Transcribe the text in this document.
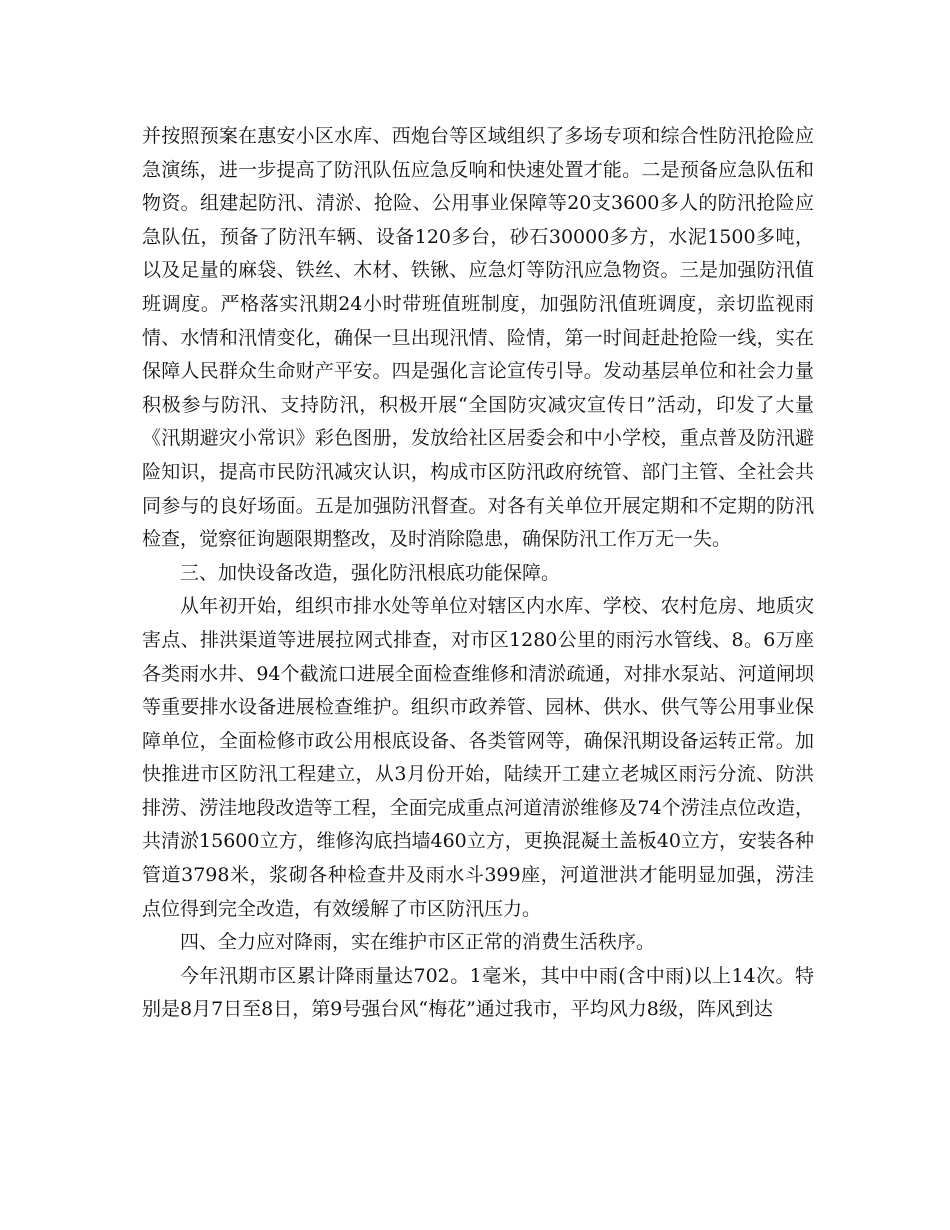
并按照预案在惠安小区水库、西炮台等区域组织了多场专项和综合性防汛抢险应急演练，进一步提高了防汛队伍应急反响和快速处置才能。二是预备应急队伍和物资。组建起防汛、清淤、抢险、公用事业保障等20支3600多人的防汛抢险应急队伍，预备了防汛车辆、设备120多台，砂石30000多方，水泥1500多吨，以及足量的麻袋、铁丝、木材、铁锹、应急灯等防汛应急物资。三是加强防汛值班调度。严格落实汛期24小时带班值班制度，加强防汛值班调度，亲切监视雨情、水情和汛情变化，确保一旦出现汛情、险情，第一时间赶赴抢险一线，实在保障人民群众生命财产平安。四是强化言论宣传引导。发动基层单位和社会力量积极参与防汛、支持防汛，积极开展“全国防灾减灾宣传日”活动，印发了大量《汛期避灾小常识》彩色图册，发放给社区居委会和中小学校，重点普及防汛避险知识，提高市民防汛减灾认识，构成市区防汛政府统管、部门主管、全社会共同参与的良好场面。五是加强防汛督查。对各有关单位开展定期和不定期的防汛检查，觉察征询题限期整改，及时消除隐患，确保防汛工作万无一失。

三、加快设备改造，强化防汛根底功能保障。

从年初开始，组织市排水处等单位对辖区内水库、学校、农村危房、地质灾害点、排洪渠道等进展拉网式排查，对市区1280公里的雨污水管线、8。6万座各类雨水井、94个截流口进展全面检查维修和清淤疏通，对排水泵站、河道闸坝等重要排水设备进展检查维护。组织市政养管、园林、供水、供气等公用事业保障单位，全面检修市政公用根底设备、各类管网等，确保汛期设备运转正常。加快推进市区防汛工程建立，从3月份开始，陆续开工建立老城区雨污分流、防洪排涝、涝洼地段改造等工程，全面完成重点河道清淤维修及74个涝洼点位改造，共清淤15600立方，维修沟底挡墙460立方，更换混凝土盖板40立方，安装各种管道3798米，浆砌各种检查井及雨水斗399座，河道泄洪才能明显加强，涝洼点位得到完全改造，有效缓解了市区防汛压力。

四、全力应对降雨，实在维护市区正常的消费生活秩序。

今年汛期市区累计降雨量达702。1毫米，其中中雨(含中雨)以上14次。特别是8月7日至8日，第9号强台风“梅花”通过我市，平均风力8级，阵风到达
